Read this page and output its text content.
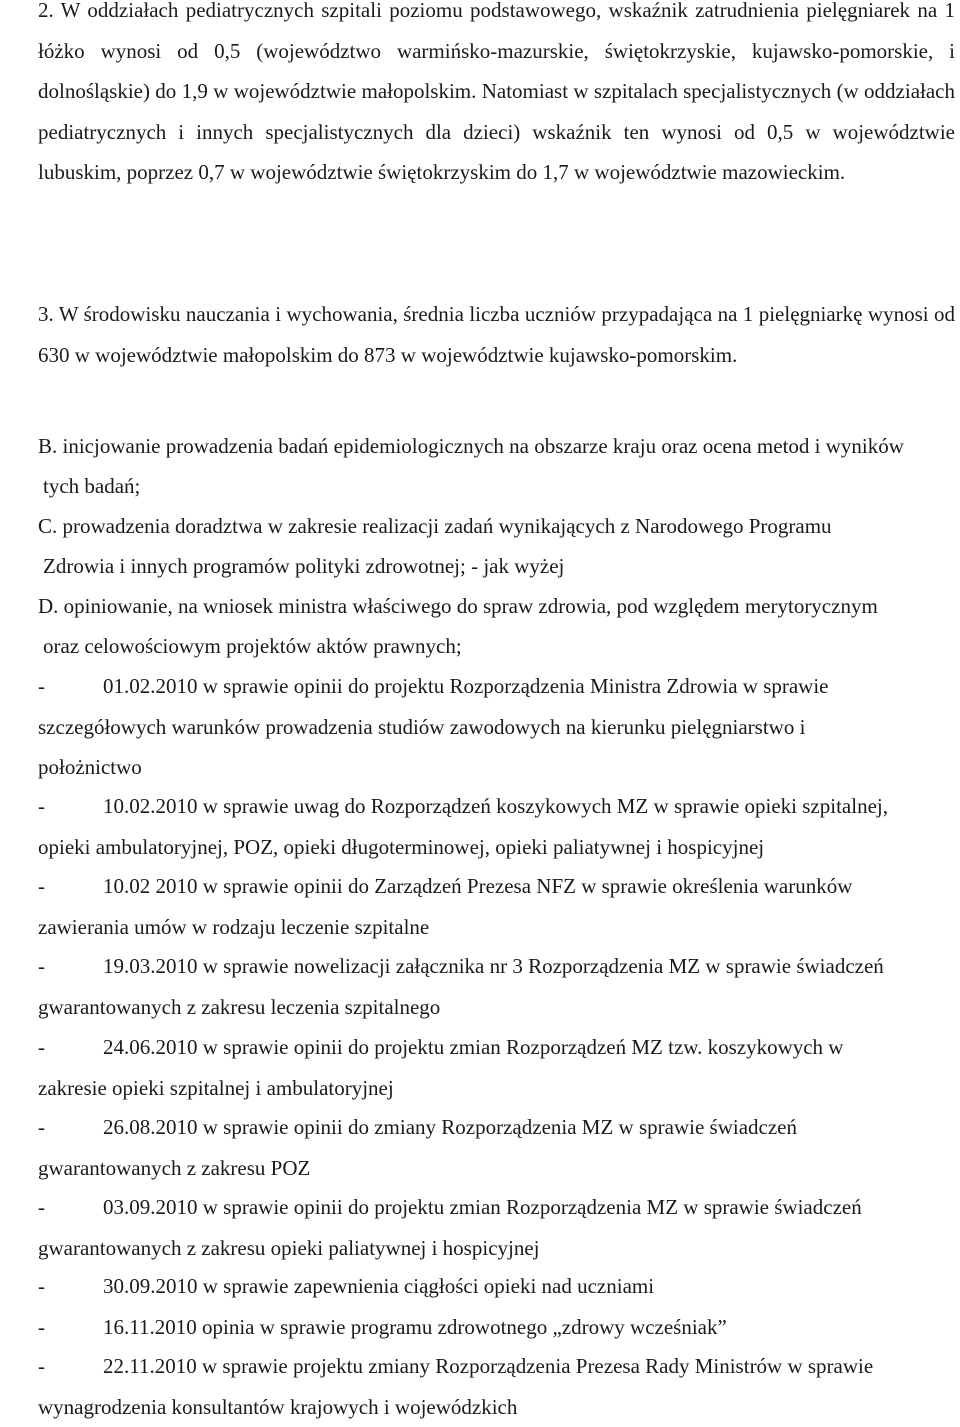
2. W oddziałach pediatrycznych szpitali poziomu podstawowego, wskaźnik zatrudnienia pielęgniarek na 1 łóżko wynosi od 0,5 (województwo warmińsko-mazurskie, świętokrzyskie, kujawsko-pomorskie, i dolnośląskie) do 1,9 w województwie małopolskim. Natomiast w szpitalach specjalistycznych (w oddziałach pediatrycznych i innych specjalistycznych dla dzieci) wskaźnik ten wynosi od 0,5 w województwie lubuskim, poprzez 0,7 w województwie świętokrzyskim do 1,7 w województwie mazowieckim.
3. W środowisku nauczania i wychowania, średnia liczba uczniów przypadająca na 1 pielęgniarkę wynosi od 630 w województwie małopolskim do 873 w województwie kujawsko-pomorskim.
B. inicjowanie prowadzenia badań epidemiologicznych na obszarze kraju oraz ocena metod i wyników
tych badań;
C. prowadzenia doradztwa w zakresie realizacji zadań wynikających z Narodowego Programu
Zdrowia i innych programów polityki zdrowotnej; - jak wyżej
D. opiniowanie, na wniosek ministra właściwego do spraw zdrowia, pod względem merytorycznym
oraz celowościowym projektów aktów prawnych;
-	01.02.2010 w sprawie opinii do projektu Rozporządzenia Ministra Zdrowia w sprawie
szczegółowych warunków prowadzenia studiów zawodowych na kierunku pielęgniarstwo i
położnictwo
-	10.02.2010 w sprawie uwag do Rozporządzeń koszykowych MZ w sprawie opieki szpitalnej,
opieki ambulatoryjnej, POZ, opieki długoterminowej, opieki paliatywnej i hospicyjnej
-	10.02 2010 w sprawie opinii do Zarządzeń Prezesa NFZ w sprawie określenia warunków
zawierania umów w rodzaju leczenie szpitalne
-	19.03.2010 w sprawie nowelizacji załącznika nr 3 Rozporządzenia MZ w sprawie świadczeń
gwarantowanych z zakresu leczenia szpitalnego
-	24.06.2010 w sprawie opinii do projektu zmian Rozporządzeń MZ tzw. koszykowych w
zakresie opieki szpitalnej i ambulatoryjnej
-	26.08.2010 w sprawie opinii do zmiany Rozporządzenia MZ w sprawie świadczeń
gwarantowanych z zakresu POZ
-	03.09.2010 w sprawie opinii do projektu zmian Rozporządzenia MZ w sprawie świadczeń
gwarantowanych z zakresu opieki paliatywnej i hospicyjnej
-	30.09.2010 w sprawie zapewnienia ciągłości opieki nad uczniami
-	16.11.2010 opinia w sprawie programu zdrowotnego „zdrowy wcześniak”
-	22.11.2010 w sprawie projektu zmiany Rozporządzenia Prezesa Rady Ministrów w sprawie
wynagrodzenia konsultantów krajowych i wojewódzkich
